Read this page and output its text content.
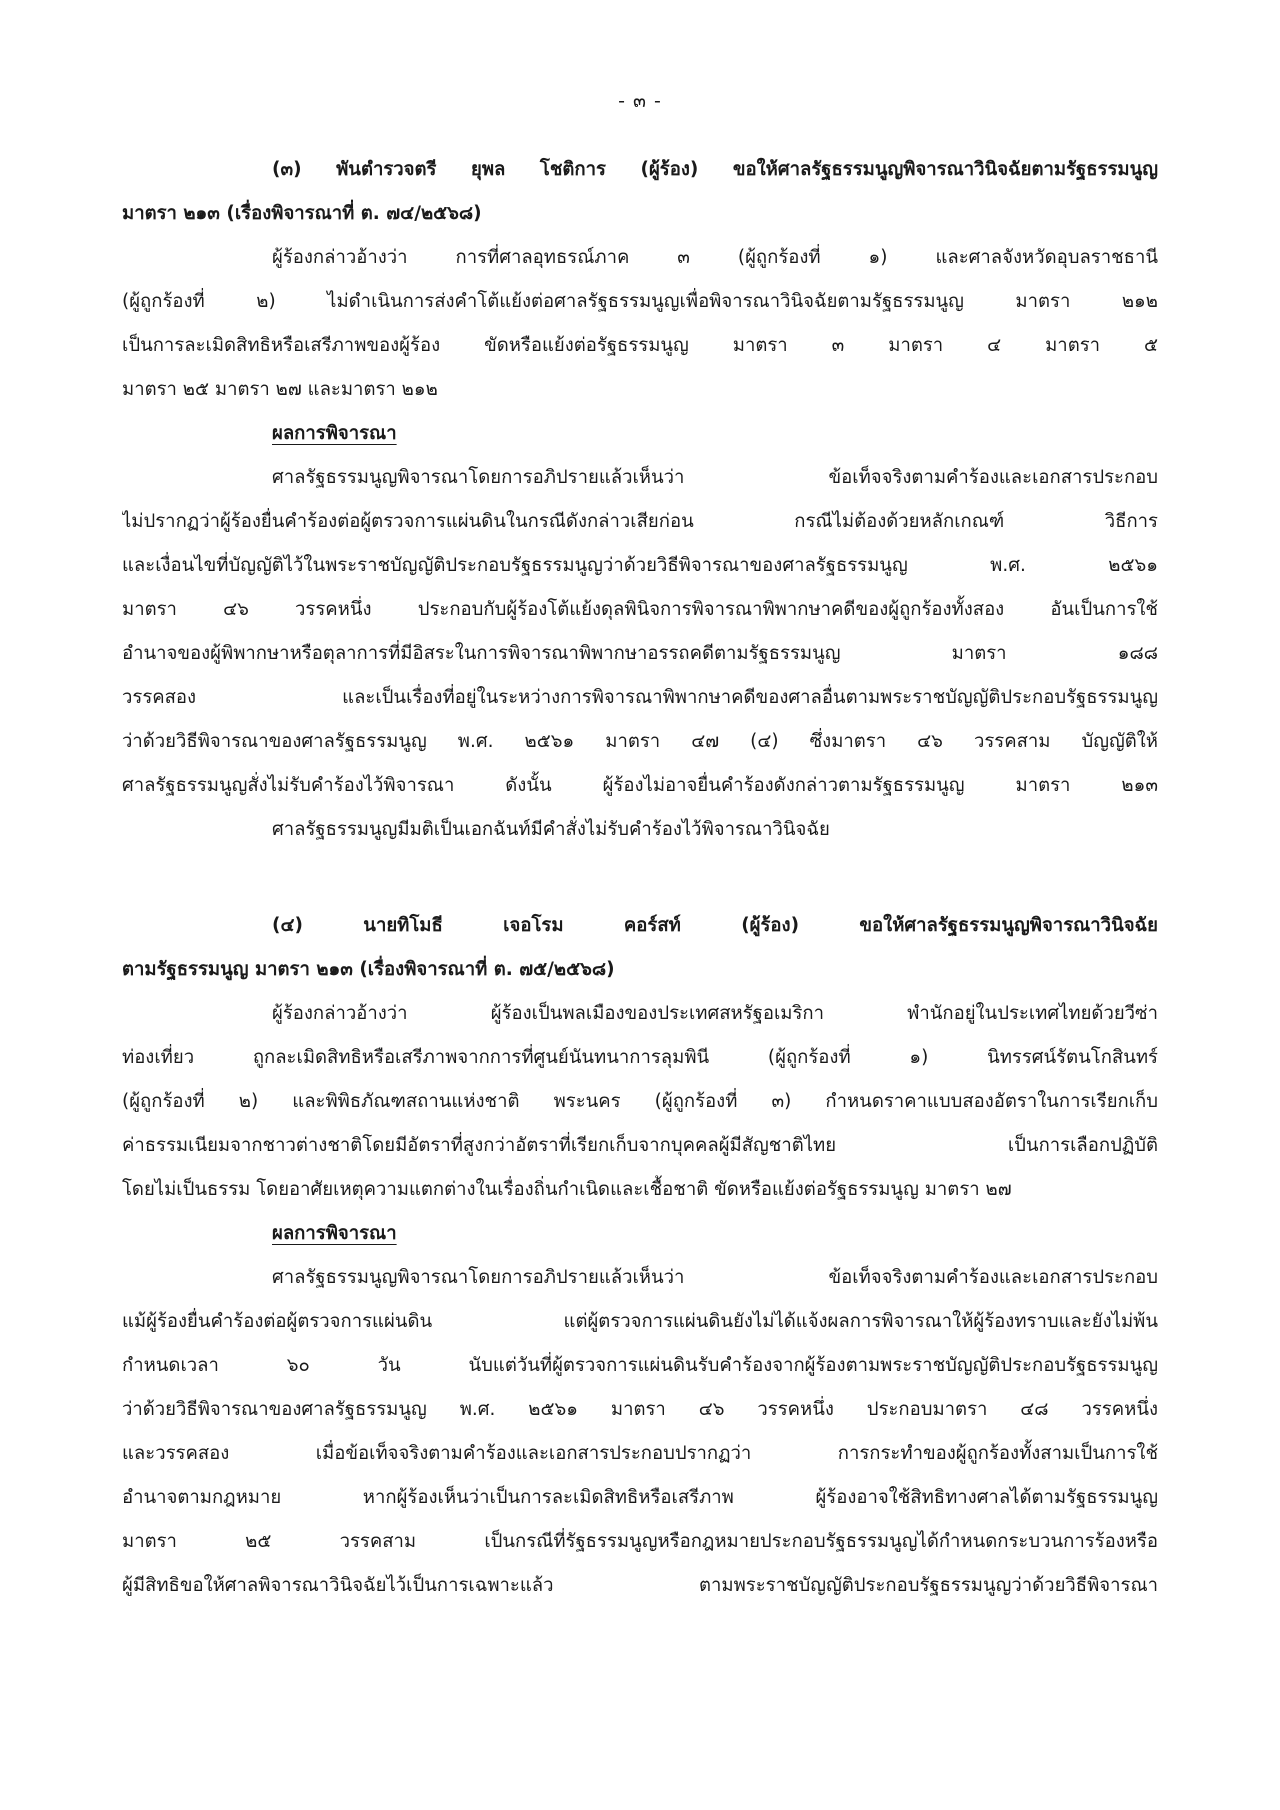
- ๓ -
(๓) พันตำรวจตรี ยุพล โชติการ (ผู้ร้อง) ขอให้ศาลรัฐธรรมนูญพิจารณาวินิจฉัยตามรัฐธรรมนูญ
มาตรา ๒๑๓ (เรื่องพิจารณาที่ ต. ๗๔/๒๕๖๘)
ผู้ร้องกล่าวอ้างว่า การที่ศาลอุทธรณ์ภาค ๓ (ผู้ถูกร้องที่ ๑) และศาลจังหวัดอุบลราชธานี
(ผู้ถูกร้องที่ ๒) ไม่ดำเนินการส่งคำโต้แย้งต่อศาลรัฐธรรมนูญเพื่อพิจารณาวินิจฉัยตามรัฐธรรมนูญ มาตรา ๒๑๒
เป็นการละเมิดสิทธิหรือเสรีภาพของผู้ร้อง ขัดหรือแย้งต่อรัฐธรรมนูญ มาตรา ๓ มาตรา ๔ มาตรา ๕
มาตรา ๒๕ มาตรา ๒๗ และมาตรา ๒๑๒
ผลการพิจารณา
ศาลรัฐธรรมนูญพิจารณาโดยการอภิปรายแล้วเห็นว่า ข้อเท็จจริงตามคำร้องและเอกสารประกอบ
ไม่ปรากฏว่าผู้ร้องยื่นคำร้องต่อผู้ตรวจการแผ่นดินในกรณีดังกล่าวเสียก่อน กรณีไม่ต้องด้วยหลักเกณฑ์ วิธีการ
และเงื่อนไขที่บัญญัติไว้ในพระราชบัญญัติประกอบรัฐธรรมนูญว่าด้วยวิธีพิจารณาของศาลรัฐธรรมนูญ พ.ศ. ๒๕๖๑
มาตรา ๔๖ วรรคหนึ่ง ประกอบกับผู้ร้องโต้แย้งดุลพินิจการพิจารณาพิพากษาคดีของผู้ถูกร้องทั้งสอง อันเป็นการใช้
อำนาจของผู้พิพากษาหรือตุลาการที่มีอิสระในการพิจารณาพิพากษาอรรถคดีตามรัฐธรรมนูญ มาตรา ๑๘๘
วรรคสอง และเป็นเรื่องที่อยู่ในระหว่างการพิจารณาพิพากษาคดีของศาลอื่นตามพระราชบัญญัติประกอบรัฐธรรมนูญ
ว่าด้วยวิธีพิจารณาของศาลรัฐธรรมนูญ พ.ศ. ๒๕๖๑ มาตรา ๔๗ (๔) ซึ่งมาตรา ๔๖ วรรคสาม บัญญัติให้
ศาลรัฐธรรมนูญสั่งไม่รับคำร้องไว้พิจารณา ดังนั้น ผู้ร้องไม่อาจยื่นคำร้องดังกล่าวตามรัฐธรรมนูญ มาตรา ๒๑๓
ศาลรัฐธรรมนูญมีมติเป็นเอกฉันท์มีคำสั่งไม่รับคำร้องไว้พิจารณาวินิจฉัย
(๔) นายทิโมธี เจอโรม คอร์สท์ (ผู้ร้อง) ขอให้ศาลรัฐธรรมนูญพิจารณาวินิจฉัย
ตามรัฐธรรมนูญ มาตรา ๒๑๓ (เรื่องพิจารณาที่ ต. ๗๕/๒๕๖๘)
ผู้ร้องกล่าวอ้างว่า ผู้ร้องเป็นพลเมืองของประเทศสหรัฐอเมริกา พำนักอยู่ในประเทศไทยด้วยวีซ่า
ท่องเที่ยว ถูกละเมิดสิทธิหรือเสรีภาพจากการที่ศูนย์นันทนาการลุมพินี (ผู้ถูกร้องที่ ๑) นิทรรศน์รัตนโกสินทร์
(ผู้ถูกร้องที่ ๒) และพิพิธภัณฑสถานแห่งชาติ พระนคร (ผู้ถูกร้องที่ ๓) กำหนดราคาแบบสองอัตราในการเรียกเก็บ
ค่าธรรมเนียมจากชาวต่างชาติโดยมีอัตราที่สูงกว่าอัตราที่เรียกเก็บจากบุคคลผู้มีสัญชาติไทย เป็นการเลือกปฏิบัติ
โดยไม่เป็นธรรม โดยอาศัยเหตุความแตกต่างในเรื่องถิ่นกำเนิดและเชื้อชาติ ขัดหรือแย้งต่อรัฐธรรมนูญ มาตรา ๒๗
ผลการพิจารณา
ศาลรัฐธรรมนูญพิจารณาโดยการอภิปรายแล้วเห็นว่า ข้อเท็จจริงตามคำร้องและเอกสารประกอบ
แม้ผู้ร้องยื่นคำร้องต่อผู้ตรวจการแผ่นดิน แต่ผู้ตรวจการแผ่นดินยังไม่ได้แจ้งผลการพิจารณาให้ผู้ร้องทราบและยังไม่พ้น
กำหนดเวลา ๖๐ วัน นับแต่วันที่ผู้ตรวจการแผ่นดินรับคำร้องจากผู้ร้องตามพระราชบัญญัติประกอบรัฐธรรมนูญ
ว่าด้วยวิธีพิจารณาของศาลรัฐธรรมนูญ พ.ศ. ๒๕๖๑ มาตรา ๔๖ วรรคหนึ่ง ประกอบมาตรา ๔๘ วรรคหนึ่ง
และวรรคสอง เมื่อข้อเท็จจริงตามคำร้องและเอกสารประกอบปรากฏว่า การกระทำของผู้ถูกร้องทั้งสามเป็นการใช้
อำนาจตามกฎหมาย หากผู้ร้องเห็นว่าเป็นการละเมิดสิทธิหรือเสรีภาพ ผู้ร้องอาจใช้สิทธิทางศาลได้ตามรัฐธรรมนูญ
มาตรา ๒๕ วรรคสาม เป็นกรณีที่รัฐธรรมนูญหรือกฎหมายประกอบรัฐธรรมนูญได้กำหนดกระบวนการร้องหรือ
ผู้มีสิทธิขอให้ศาลพิจารณาวินิจฉัยไว้เป็นการเฉพาะแล้ว ตามพระราชบัญญัติประกอบรัฐธรรมนูญว่าด้วยวิธีพิจารณา
